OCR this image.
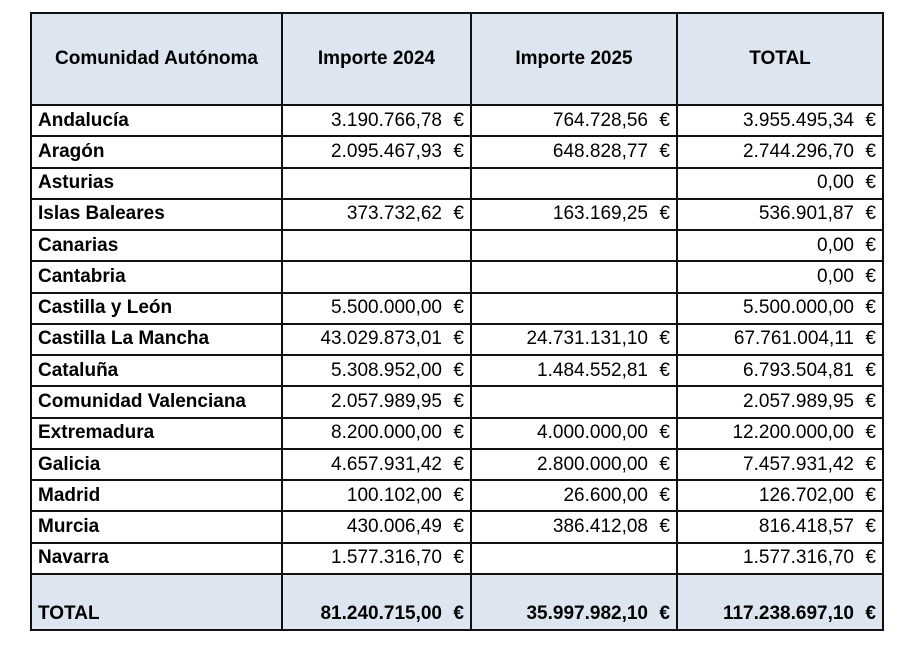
Comunidad Autónoma	Importe 2024	Importe 2025	TOTAL
Andalucía	3.190.766,78 €	764.728,56 €	3.955.495,34 €
Aragón	2.095.467,93 €	648.828,77 €	2.744.296,70 €
Asturias			0,00 €
Islas Baleares	373.732,62 €	163.169,25 €	536.901,87 €
Canarias			0,00 €
Cantabria			0,00 €
Castilla y León	5.500.000,00 €		5.500.000,00 €
Castilla La Mancha	43.029.873,01 €	24.731.131,10 €	67.761.004,11 €
Cataluña	5.308.952,00 €	1.484.552,81 €	6.793.504,81 €
Comunidad Valenciana	2.057.989,95 €		2.057.989,95 €
Extremadura	8.200.000,00 €	4.000.000,00 €	12.200.000,00 €
Galicia	4.657.931,42 €	2.800.000,00 €	7.457.931,42 €
Madrid	100.102,00 €	26.600,00 €	126.702,00 €
Murcia	430.006,49 €	386.412,08 €	816.418,57 €
Navarra	1.577.316,70 €		1.577.316,70 €
TOTAL	81.240.715,00 €	35.997.982,10 €	117.238.697,10 €
